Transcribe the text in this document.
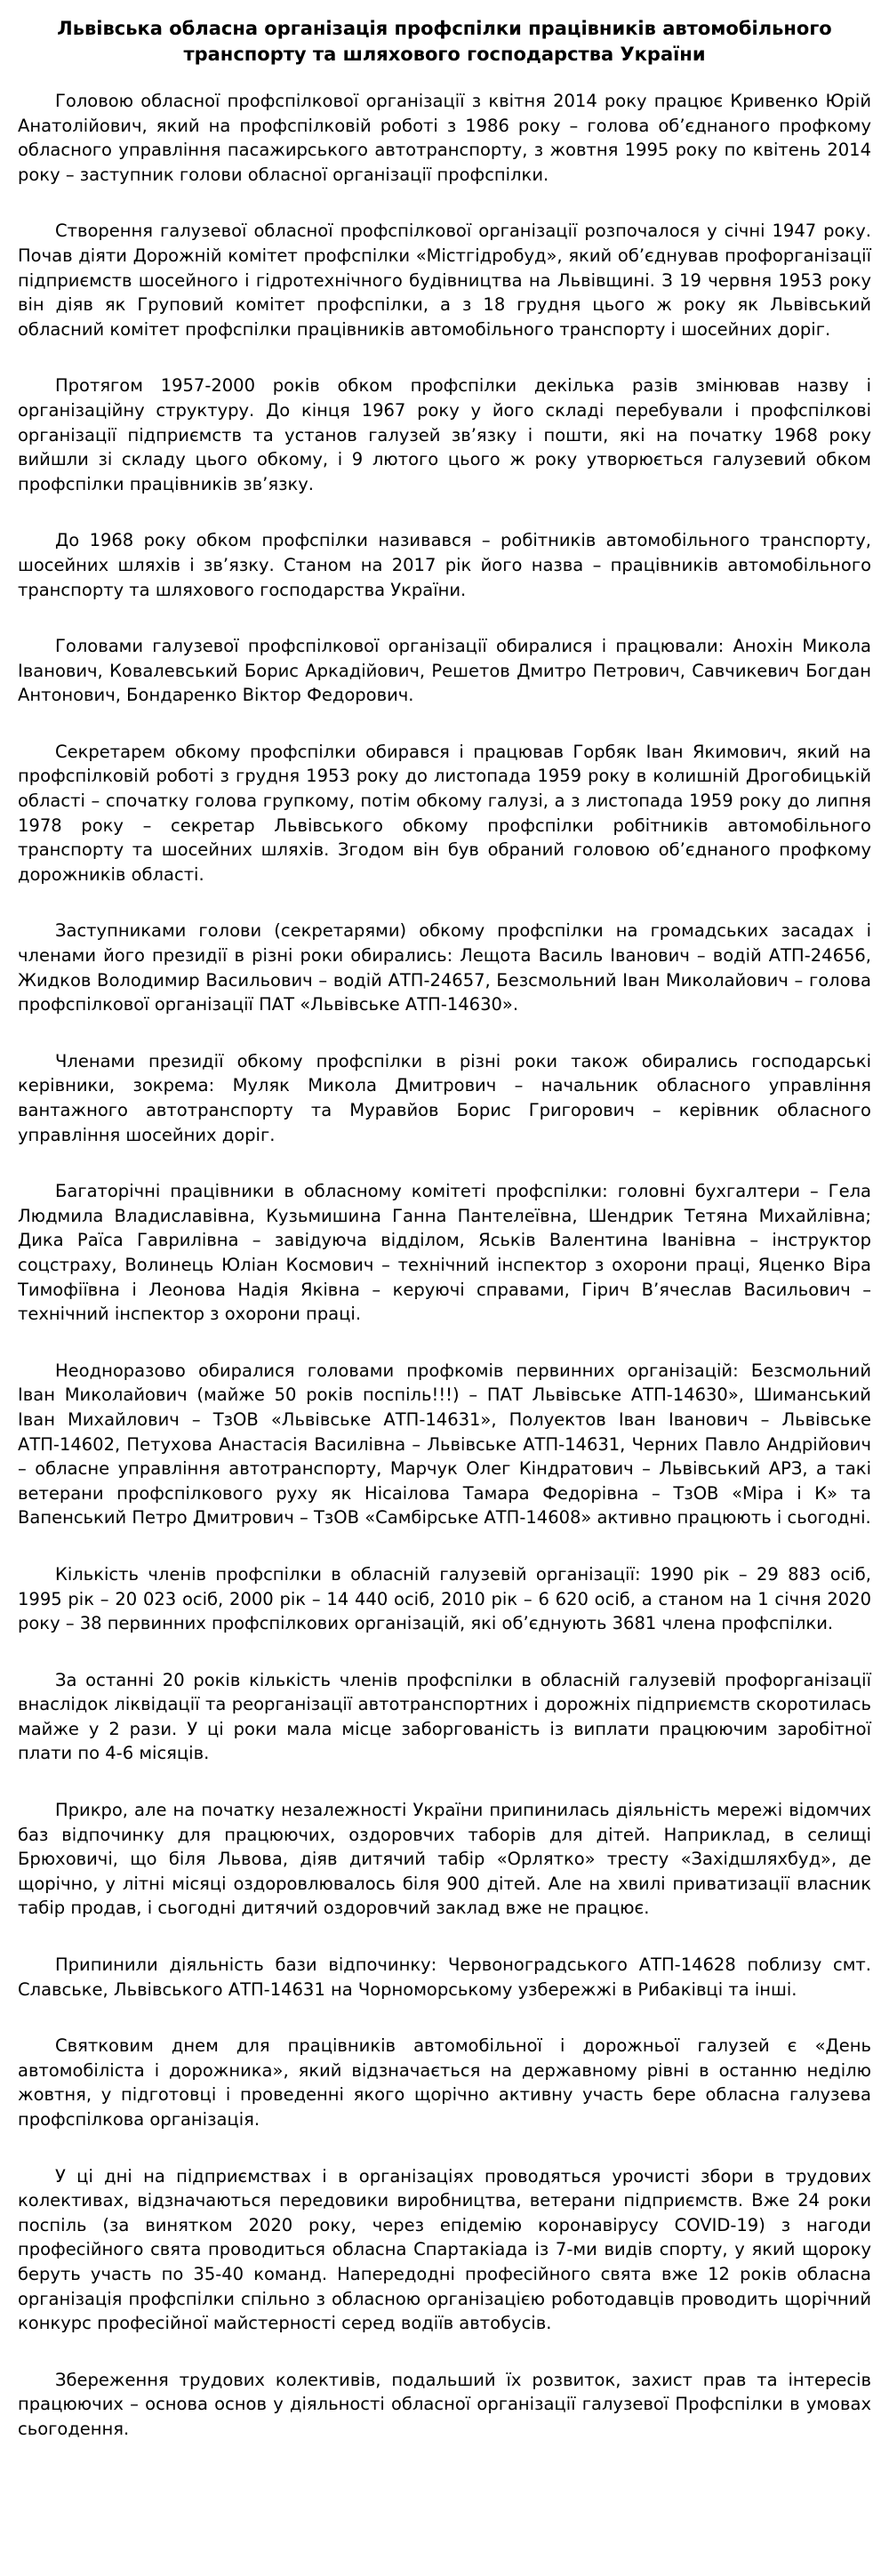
Львівська обласна організація профспілки працівників автомобільного транспорту та шляхового господарства України

Головою обласної профспілкової організації з квітня 2014 року працює Кривенко Юрій Анатолійович, який на профспілковій роботі з 1986 року – голова об’єднаного профкому обласного управління пасажирського автотранспорту, з жовтня 1995 року по квітень 2014 року – заступник голови обласної організації профспілки.

Створення галузевої обласної профспілкової організації розпочалося у січні 1947 року. Почав діяти Дорожній комітет профспілки «Містгідробуд», який об’єднував профорганізації підприємств шосейного і гідротехнічного будівництва на Львівщині. З 19 червня 1953 року він діяв як Груповий комітет профспілки, а з 18 грудня цього ж року як Львівський обласний комітет профспілки працівників автомобільного транспорту і шосейних доріг.

Протягом 1957-2000 років обком профспілки декілька разів змінював назву і організаційну структуру. До кінця 1967 року у його складі перебували і профспілкові організації підприємств та установ галузей зв’язку і пошти, які на початку 1968 року вийшли зі складу цього обкому, і 9 лютого цього ж року утворюється галузевий обком профспілки працівників зв’язку.

До 1968 року обком профспілки називався – робітників автомобільного транспорту, шосейних шляхів і зв’язку. Станом на 2017 рік його назва – працівників автомобільного транспорту та шляхового господарства України.

Головами галузевої профспілкової організації обиралися і працювали: Анохін Микола Іванович, Ковалевський Борис Аркадійович, Решетов Дмитро Петрович, Савчикевич Богдан Антонович, Бондаренко Віктор Федорович.

Секретарем обкому профспілки обирався і працював Горбяк Іван Якимович, який на профспілковій роботі з грудня 1953 року до листопада 1959 року в колишній Дрогобицькій області – спочатку голова групкому, потім обкому галузі, а з листопада 1959 року до липня 1978 року – секретар Львівського обкому профспілки робітників автомобільного транспорту та шосейних шляхів. Згодом він був обраний головою об’єднаного профкому дорожників області.

Заступниками голови (секретарями) обкому профспілки на громадських засадах і членами його президії в різні роки обирались: Лещота Василь Іванович – водій АТП-24656, Жидков Володимир Васильович – водій АТП-24657, Безсмольний Іван Миколайович – голова профспілкової організації ПАТ «Львівське АТП-14630».

Членами президії обкому профспілки в різні роки також обирались господарські керівники, зокрема: Муляк Микола Дмитрович – начальник обласного управління вантажного автотранспорту та Муравйов Борис Григорович – керівник обласного управління шосейних доріг.

Багаторічні працівники в обласному комітеті профспілки: головні бухгалтери – Гела Людмила Владиславівна, Кузьмишина Ганна Пантелеївна, Шендрик Тетяна Михайлівна; Дика Раїса Гаврилівна – завідуюча відділом, Яськів Валентина Іванівна – інструктор соцстраху, Волинець Юліан Космович – технічний інспектор з охорони праці, Яценко Віра Тимофіївна і Леонова Надія Яківна – керуючі справами, Гірич В’ячеслав Васильович – технічний інспектор з охорони праці.

Неодноразово обиралися головами профкомів первинних організацій: Безсмольний Іван Миколайович (майже 50 років поспіль!!!) – ПАТ Львівське АТП-14630», Шиманський Іван Михайлович – ТзОВ «Львівське АТП-14631», Полуектов Іван Іванович – Львівське АТП-14602, Петухова Анастасія Василівна – Львівське АТП-14631, Черних Павло Андрійович – обласне управління автотранспорту, Марчук Олег Кіндратович – Львівський АРЗ, а такі ветерани профспілкового руху як Нісаілова Тамара Федорівна – ТзОВ «Міра і К» та Вапенський Петро Дмитрович – ТзОВ «Самбірське АТП-14608» активно працюють і сьогодні.

Кількість членів профспілки в обласній галузевій організації: 1990 рік – 29 883 осіб, 1995 рік – 20 023 осіб, 2000 рік – 14 440 осіб, 2010 рік – 6 620 осіб, а станом на 1 січня 2020 року – 38 первинних профспілкових організацій, які об’єднують 3681 члена профспілки.

За останні 20 років кількість членів профспілки в обласній галузевій профорганізації внаслідок ліквідації та реорганізації автотранспортних і дорожніх підприємств скоротилась майже у 2 рази. У ці роки мала місце заборгованість із виплати працюючим заробітної плати по 4-6 місяців.

Прикро, але на початку незалежності України припинилась діяльність мережі відомчих баз відпочинку для працюючих, оздоровчих таборів для дітей. Наприклад, в селищі Брюховичі, що біля Львова, діяв дитячий табір «Орлятко» тресту «Західшляхбуд», де щорічно, у літні місяці оздоровлювалось біля 900 дітей. Але на хвилі приватизації власник табір продав, і сьогодні дитячий оздоровчий заклад вже не працює.

Припинили діяльність бази відпочинку: Червоноградського АТП-14628 поблизу смт. Славське, Львівського АТП-14631 на Чорноморському узбережжі в Рибаківці та інші.

Святковим днем для працівників автомобільної і дорожньої галузей є «День автомобіліста і дорожника», який відзначається на державному рівні в останню неділю жовтня, у підготовці і проведенні якого щорічно активну участь бере обласна галузева профспілкова організація.

У ці дні на підприємствах і в організаціях проводяться урочисті збори в трудових колективах, відзначаються передовики виробництва, ветерани підприємств. Вже 24 роки поспіль (за винятком 2020 року, через епідемію коронавірусу COVID-19) з нагоди професійного свята проводиться обласна Спартакіада із 7-ми видів спорту, у який щороку беруть участь по 35-40 команд. Напередодні професійного свята вже 12 років обласна організація профспілки спільно з обласною організацією роботодавців проводить щорічний конкурс професійної майстерності серед водіїв автобусів.

Збереження трудових колективів, подальший їх розвиток, захист прав та інтересів працюючих – основа основ у діяльності обласної організації галузевої Профспілки в умовах сьогодення.
